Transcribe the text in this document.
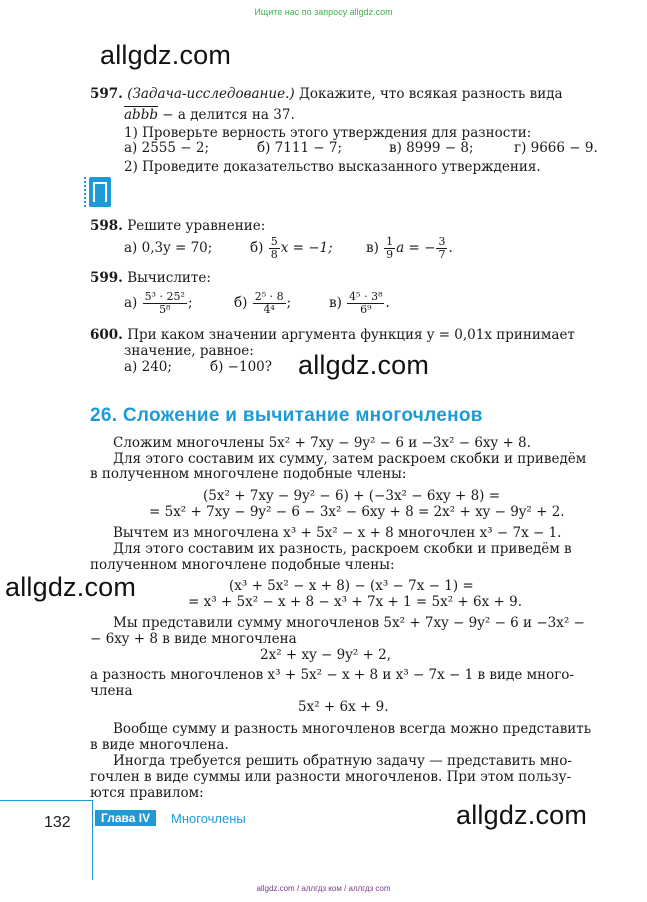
Ищите нас по запросу allgdz.com
allgdz.com
597. (Задача-исследование.) Докажите, что всякая разность вида
abbb − a делится на 37.
1) Проверьте верность этого утверждения для разности:
а) 2555 − 2;	б) 7111 − 7;	в) 8999 − 8;	г) 9666 − 9.
2) Проведите доказательство высказанного утверждения.
598. Решите уравнение:
а) 0,3y = 70;	$б) \frac{5}{8}$ x = −1; $в) \frac{1}{9}$ a = − $\frac{3}{7}$ .
599. Вычислите:
$а) \frac{\text{5³ · 25²}}{\text{5⁸}}$ ;	$б) \frac{\text{2⁵ · 8}}{\text{4⁴}}$ ;	$в) \frac{\text{4⁵ · 3⁸}}{\text{6⁹}}$ .
600. При каком значении аргумента функция y = 0,01x принимает
значение, равное:
а) 240;	б) −100? allgdz.com
26. Сложение и вычитание многочленов
Сложим многочлены 5x² + 7xy − 9y² − 6 и −3x² − 6xy + 8.
Для этого составим их сумму, затем раскроем скобки и приведём
в полученном многочлене подобные члены:
(5x² + 7xy − 9y² − 6) + (−3x² − 6xy + 8) =
= 5x² + 7xy − 9y² − 6 − 3x² − 6xy + 8 = 2x² + xy − 9y² + 2.
Вычтем из многочлена x³ + 5x² − x + 8 многочлен x³ − 7x − 1.
Для этого составим их разность, раскроем скобки и приведём в
полученном многочлене подобные члены:
allgdz.com	(x³ + 5x² − x + 8) − (x³ − 7x − 1) =
= x³ + 5x² − x + 8 − x³ + 7x + 1 = 5x² + 6x + 9.
Мы представили сумму многочленов 5x² + 7xy − 9y² − 6 и −3x² −
− 6xy + 8 в виде многочлена
2x² + xy − 9y² + 2,
а разность многочленов x³ + 5x² − x + 8 и x³ − 7x − 1 в виде много-
члена
5x² + 6x + 9.
Вообще сумму и разность многочленов всегда можно представить
в виде многочлена.
Иногда требуется решить обратную задачу — представить мно-
гочлен в виде суммы или разности многочленов. При этом пользу-
ются правилом:
132	Глава IV	Многочлены	allgdz.com
allgdz.com / аллгдз ком / аллгдз com
